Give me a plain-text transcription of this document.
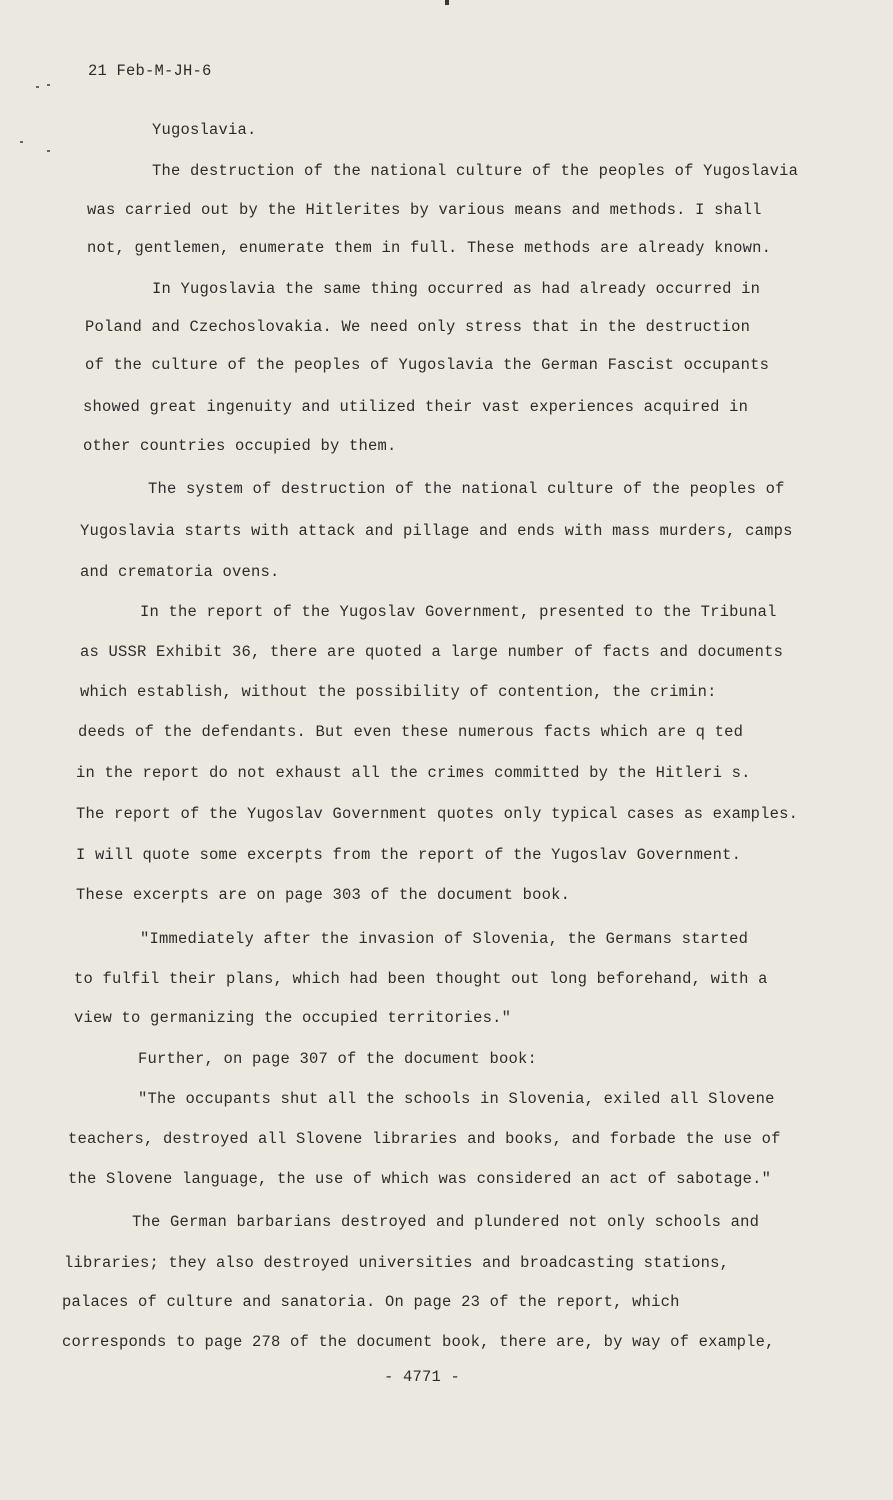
21 Feb-M-JH-6
Yugoslavia.
The destruction of the national culture of the peoples of Yugoslavia
was carried out by the Hitlerites by various means and methods. I shall
not, gentlemen, enumerate them in full. These methods are already known.
In Yugoslavia the same thing occurred as had already occurred in
Poland and Czechoslovakia. We need only stress that in the destruction
of the culture of the peoples of Yugoslavia the German Fascist occupants
showed great ingenuity and utilized their vast experiences acquired in
other countries occupied by them.
The system of destruction of the national culture of the peoples of
Yugoslavia starts with attack and pillage and ends with mass murders, camps
and crematoria ovens.
In the report of the Yugoslav Government, presented to the Tribunal
as USSR Exhibit 36, there are quoted a large number of facts and documents
which establish, without the possibility of contention, the crimin:
deeds of the defendants. But even these numerous facts which are q ted
in the report do not exhaust all the crimes committed by the Hitleri s.
The report of the Yugoslav Government quotes only typical cases as examples.
I will quote some excerpts from the report of the Yugoslav Government.
These excerpts are on page 303 of the document book.
"Immediately after the invasion of Slovenia, the Germans started
to fulfil their plans, which had been thought out long beforehand, with a
view to germanizing the occupied territories."
Further, on page 307 of the document book:
"The occupants shut all the schools in Slovenia, exiled all Slovene
teachers, destroyed all Slovene libraries and books, and forbade the use of
the Slovene language, the use of which was considered an act of sabotage."
The German barbarians destroyed and plundered not only schools and
libraries; they also destroyed universities and broadcasting stations,
palaces of culture and sanatoria. On page 23 of the report, which
corresponds to page 278 of the document book, there are, by way of example,
- 4771 -
